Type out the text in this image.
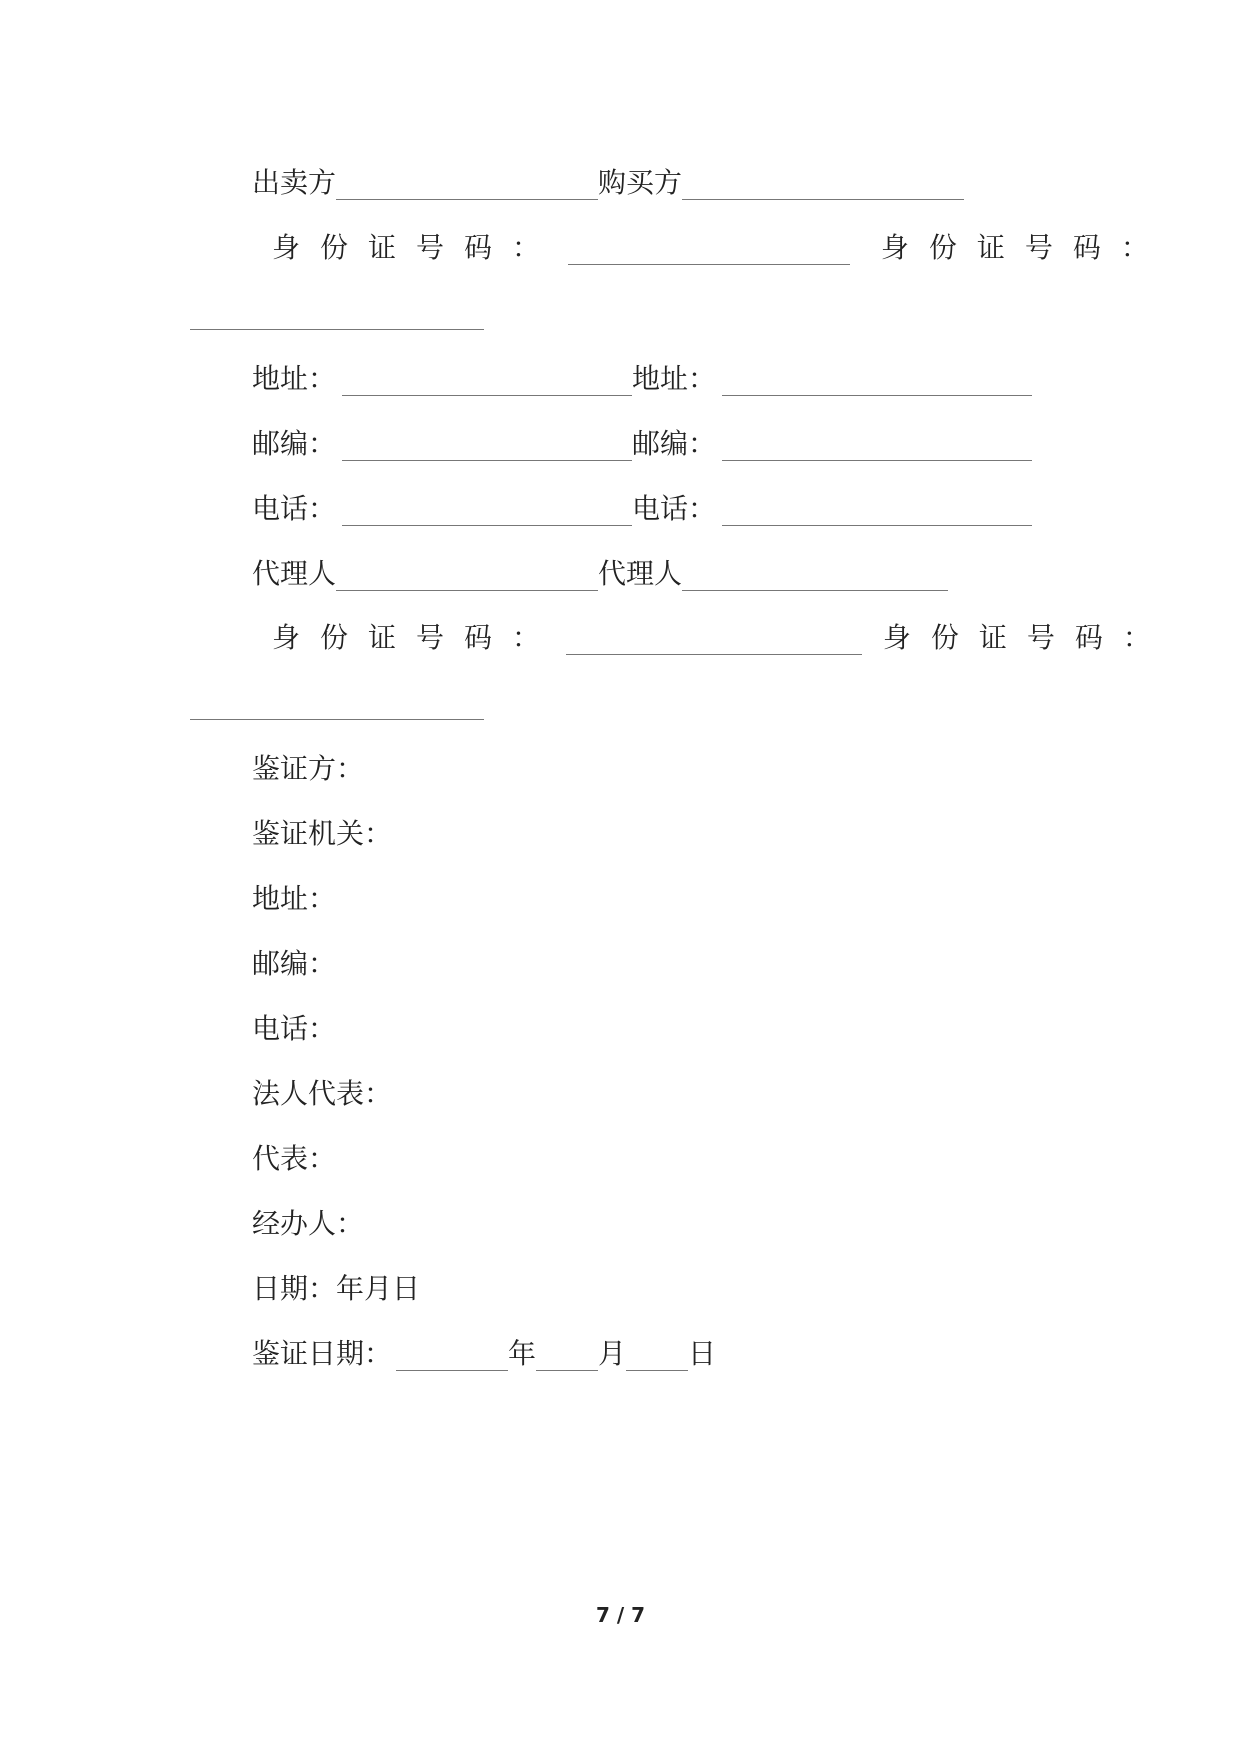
出卖方	购买方
身份证号码：	身份证号码：
地址：	地址：
邮编：	邮编：
电话：	电话：
代理人	代理人
身份证号码：	身份证号码：
鉴证方：
鉴证机关：
地址：
邮编：
电话：
法人代表：
代表：
经办人：
日期：年月日
鉴证日期：	年 月 日
7 / 7
